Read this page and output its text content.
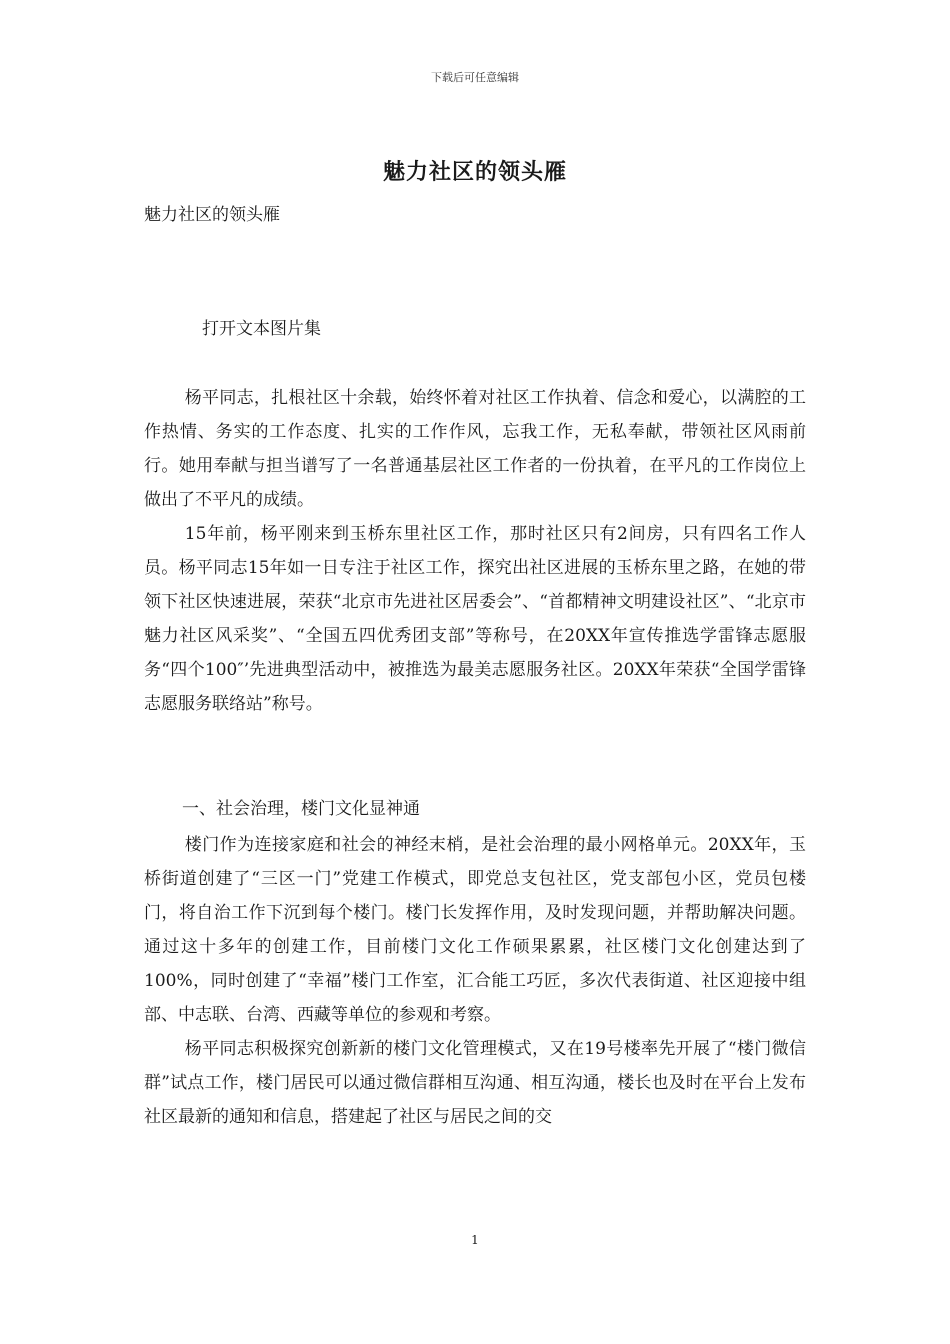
下载后可任意编辑
魅力社区的领头雁
魅力社区的领头雁
打开文本图片集

杨平同志，扎根社区十余载，始终怀着对社区工作执着、信念和爱心，以满腔的工作热情、务实的工作态度、扎实的工作作风，忘我工作，无私奉献，带领社区风雨前行。她用奉献与担当谱写了一名普通基层社区工作者的一份执着，在平凡的工作岗位上做出了不平凡的成绩。

15年前，杨平刚来到玉桥东里社区工作，那时社区只有2间房，只有四名工作人员。杨平同志15年如一日专注于社区工作，探究出社区进展的玉桥东里之路，在她的带领下社区快速进展，荣获“北京市先进社区居委会”、“首都精神文明建设社区”、“北京市魅力社区风采奖”、“全国五四优秀团支部”等称号，在20XX年宣传推选学雷锋志愿服务“四个100″’先进典型活动中，被推选为最美志愿服务社区。20XX年荣获“全国学雷锋志愿服务联络站”称号。

一、社会治理，楼门文化显神通

楼门作为连接家庭和社会的神经末梢，是社会治理的最小网格单元。20XX年，玉桥街道创建了“三区一门”党建工作模式，即党总支包社区，党支部包小区，党员包楼门，将自治工作下沉到每个楼门。楼门长发挥作用，及时发现问题，并帮助解决问题。通过这十多年的创建工作，目前楼门文化工作硕果累累，社区楼门文化创建达到了100%，同时创建了“幸福”楼门工作室，汇合能工巧匠，多次代表街道、社区迎接中组部、中志联、台湾、西藏等单位的参观和考察。

杨平同志积极探究创新新的楼门文化管理模式，又在19号楼率先开展了“楼门微信群”试点工作，楼门居民可以通过微信群相互沟通、相互沟通，楼长也及时在平台上发布社区最新的通知和信息，搭建起了社区与居民之间的交

1
